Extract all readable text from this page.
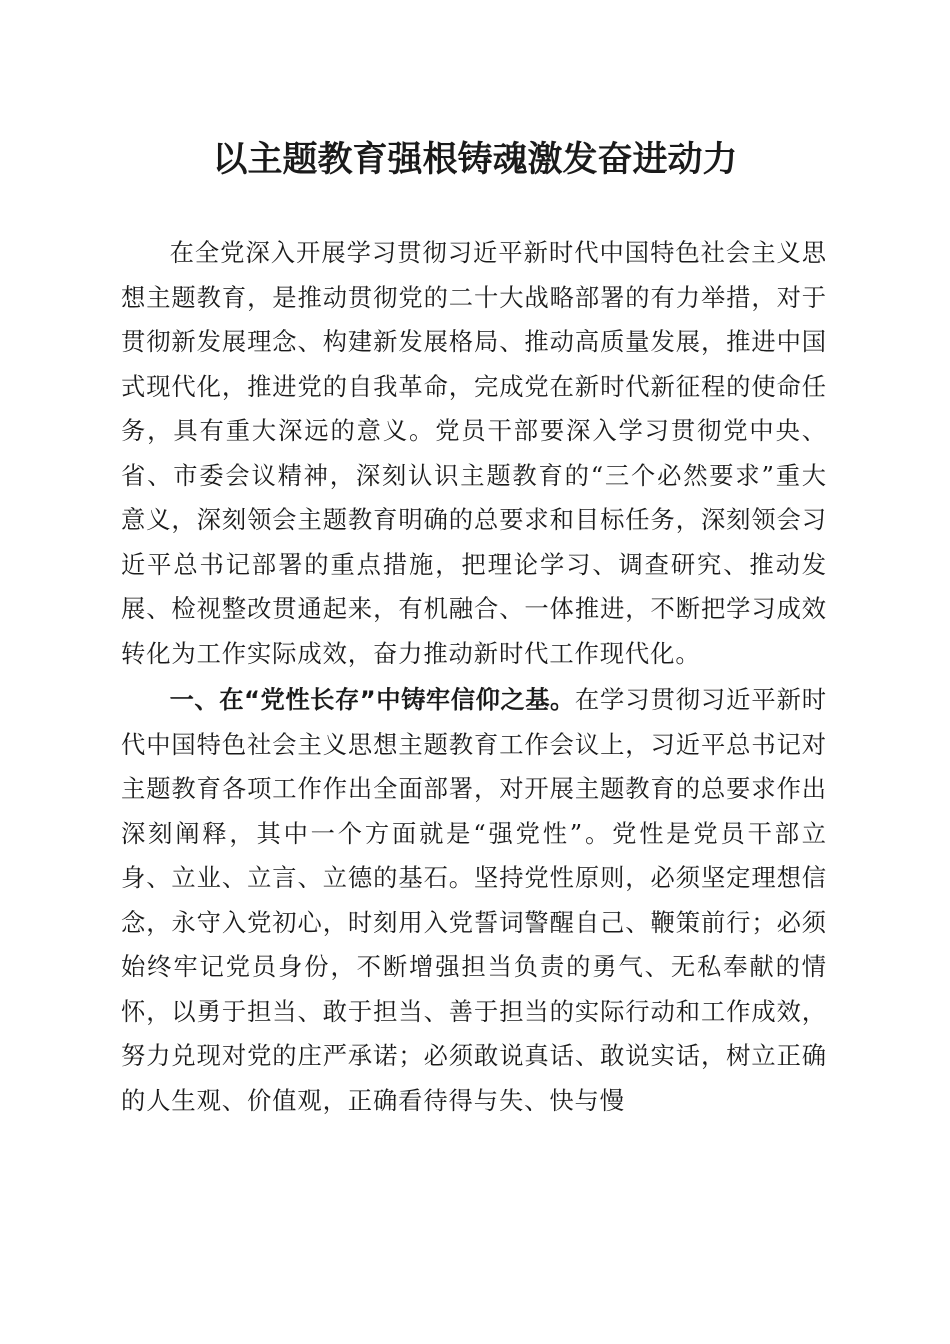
以主题教育强根铸魂激发奋进动力

在全党深入开展学习贯彻习近平新时代中国特色社会主义思想主题教育，是推动贯彻党的二十大战略部署的有力举措，对于贯彻新发展理念、构建新发展格局、推动高质量发展，推进中国式现代化，推进党的自我革命，完成党在新时代新征程的使命任务，具有重大深远的意义。党员干部要深入学习贯彻党中央、省、市委会议精神，深刻认识主题教育的“三个必然要求”重大意义，深刻领会主题教育明确的总要求和目标任务，深刻领会习近平总书记部署的重点措施，把理论学习、调查研究、推动发展、检视整改贯通起来，有机融合、一体推进，不断把学习成效转化为工作实际成效，奋力推动新时代工作现代化。

一、在“党性长存”中铸牢信仰之基。在学习贯彻习近平新时代中国特色社会主义思想主题教育工作会议上，习近平总书记对主题教育各项工作作出全面部署，对开展主题教育的总要求作出深刻阐释，其中一个方面就是“强党性”。党性是党员干部立身、立业、立言、立德的基石。坚持党性原则，必须坚定理想信念，永守入党初心，时刻用入党誓词警醒自己、鞭策前行；必须始终牢记党员身份，不断增强担当负责的勇气、无私奉献的情怀，以勇于担当、敢于担当、善于担当的实际行动和工作成效，努力兑现对党的庄严承诺；必须敢说真话、敢说实话，树立正确的人生观、价值观，正确看待得与失、快与慢
